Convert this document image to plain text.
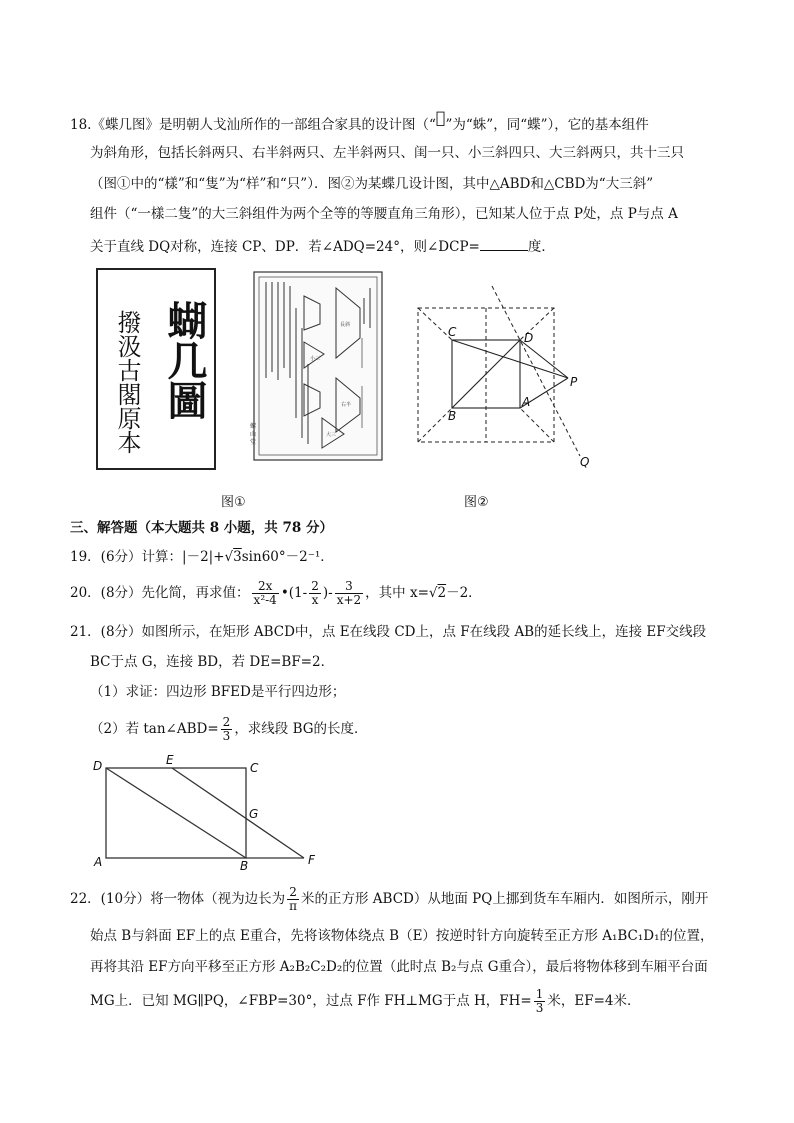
18.《蝶几图》是明朝人戈汕所作的一部组合家具的设计图（“𧎗”为“蛛”，同“蝶”），它的基本组件
为斜角形，包括长斜两只、右半斜两只、左半斜两只、闺一只、小三斜四只、大三斜两只，共十三只
（图①中的“樣”和“隻”为“样”和“只”）．图②为某蝶几设计图，其中△ABD和△CBD为“大三斜”
组件（“一樣二隻”的大三斜组件为两个全等的等腰直角三角形），已知某人位于点 P处，点 P与点 A
关于直线 DQ对称，连接 CP、DP．若∠ADQ=24°，则∠DCP=	度．
蝴几圖
撥汲古閣原本	長斜
小三
右半
大三
螺
山
堂
图①
C	D
B
A
P
Q
图②
三、解答题（本大题共 8 小题，共 78 分）
19．(6分）计算：|－2|+√3sin60°－2⁻¹．
20．(8分）先化简，再求值： $\frac{2x}{\text{x²-4}}$ •(1- $\frac{2}{x}$ )- $\frac{3}{x+2}$ ，其中 x=√2－2．
21．(8分）如图所示，在矩形 ABCD中，点 E在线段 CD上，点 F在线段 AB的延长线上，连接 EF交线段
BC于点 G，连接 BD，若 DE=BF=2．
（1）求证：四边形 BFED是平行四边形；
（2）若 tan∠ABD= $\frac{2}{3}$ ，求线段 BG的长度．
D	E
C
G
A	B	F
22．(10分）将一物体（视为边长为 $\frac{2}{\pi}$ 米的正方形 ABCD）从地面 PQ上挪到货车车厢内．如图所示，刚开
始点 B与斜面 EF上的点 E重合，先将该物体绕点 B（E）按逆时针方向旋转至正方形 A₁BC₁D₁的位置，
再将其沿 EF方向平移至正方形 A₂B₂C₂D₂的位置（此时点 B₂与点 G重合），最后将物体移到车厢平台面
MG上．已知 MG∥PQ，∠FBP=30°，过点 F作 FH⊥MG于点 H，$FH= \frac{1}{3}$ 米，EF=4米．
